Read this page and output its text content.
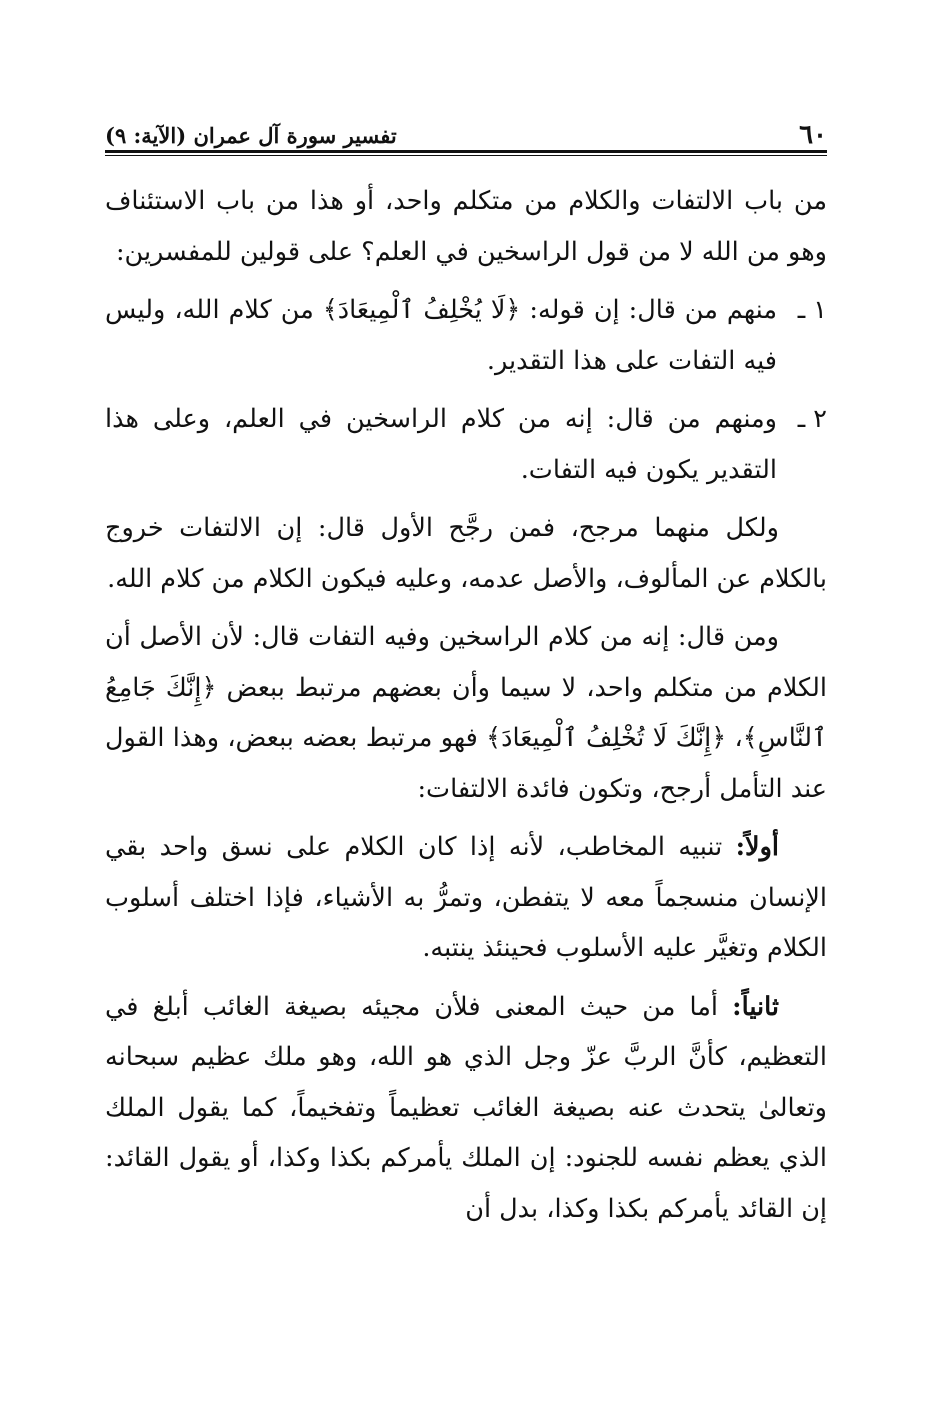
٦٠
تفسير سورة آل عمران (الآية: ٩)

من باب الالتفات والكلام من متكلم واحد، أو هذا من باب الاستئناف وهو من الله لا من قول الراسخين في العلم؟ على قولين للمفسرين:

١ ـ
منهم من قال: إن قوله: ﴿لَا يُخْلِفُ ٱلْمِيعَادَ﴾ من كلام الله، وليس فيه التفات على هذا التقدير.
٢ ـ
ومنهم من قال: إنه من كلام الراسخين في العلم، وعلى هذا التقدير يكون فيه التفات.

ولكل منهما مرجح، فمن رجَّح الأول قال: إن الالتفات خروج بالكلام عن المألوف، والأصل عدمه، وعليه فيكون الكلام من كلام الله.

ومن قال: إنه من كلام الراسخين وفيه التفات قال: لأن الأصل أن الكلام من متكلم واحد، لا سيما وأن بعضهم مرتبط ببعض ﴿إِنَّكَ جَامِعُ ٱلنَّاسِ﴾، ﴿إِنَّكَ لَا تُخْلِفُ ٱلْمِيعَادَ﴾ فهو مرتبط بعضه ببعض، وهذا القول عند التأمل أرجح، وتكون فائدة الالتفات:

أولاً: تنبيه المخاطب، لأنه إذا كان الكلام على نسق واحد بقي الإنسان منسجماً معه لا يتفطن، وتمرُّ به الأشياء، فإذا اختلف أسلوب الكلام وتغيَّر عليه الأسلوب فحينئذ ينتبه.

ثانياً: أما من حيث المعنى فلأن مجيئه بصيغة الغائب أبلغ في التعظيم، كأنَّ الربَّ عزّ وجل الذي هو الله، وهو ملك عظيم سبحانه وتعالىٰ يتحدث عنه بصيغة الغائب تعظيماً وتفخيماً، كما يقول الملك الذي يعظم نفسه للجنود: إن الملك يأمركم بكذا وكذا، أو يقول القائد: إن القائد يأمركم بكذا وكذا، بدل أن
